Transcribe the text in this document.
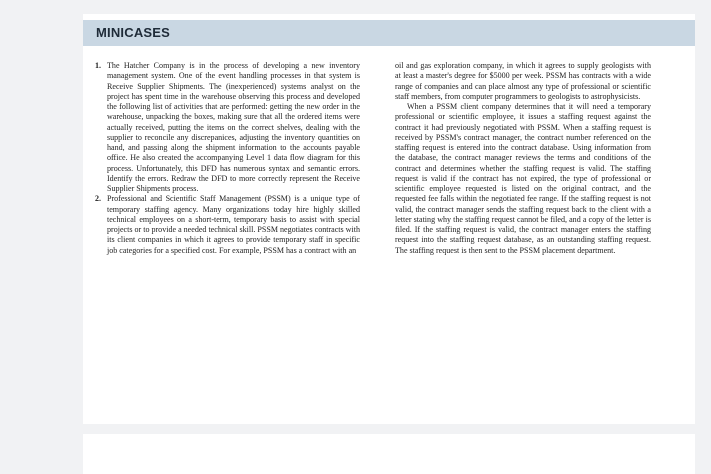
MINICASES
1. The Hatcher Company is in the process of developing a new inventory management system. One of the event handling processes in that system is Receive Supplier Shipments. The (inexperienced) systems analyst on the project has spent time in the warehouse observing this process and developed the following list of activities that are performed: getting the new order in the warehouse, unpacking the boxes, making sure that all the ordered items were actually received, putting the items on the correct shelves, dealing with the supplier to reconcile any discrepanices, adjusting the inventory quantities on hand, and passing along the shipment information to the accounts payable office. He also created the accompanying Level 1 data flow diagram for this process. Unfortunately, this DFD has numerous syntax and semantic errors. Identify the errors. Redraw the DFD to more correctly represent the Receive Supplier Shipments process.
2. Professional and Scientific Staff Management (PSSM) is a unique type of temporary staffing agency. Many organizations today hire highly skilled technical employees on a short-term, temporary basis to assist with special projects or to provide a needed technical skill. PSSM negotiates contracts with its client companies in which it agrees to provide temporary staff in specific job categories for a specified cost. For example, PSSM has a contract with an

oil and gas exploration company, in which it agrees to supply geologists with at least a master's degree for $5000 per week. PSSM has contracts with a wide range of companies and can place almost any type of professional or scientific staff members, from computer programmers to geologists to astrophysicists.

When a PSSM client company determines that it will need a temporary professional or scientific employee, it issues a staffing request against the contract it had previously negotiated with PSSM. When a staffing request is received by PSSM's contract manager, the contract number referenced on the staffing request is entered into the contract database. Using information from the database, the contract manager reviews the terms and conditions of the contract and determines whether the staffing request is valid. The staffing request is valid if the contract has not expired, the type of professional or scientific employee requested is listed on the original contract, and the requested fee falls within the negotiated fee range. If the staffing request is not valid, the contract manager sends the staffing request back to the client with a letter stating why the staffing request cannot be filed, and a copy of the letter is filed. If the staffing request is valid, the contract manager enters the staffing request into the staffing request database, as an outstanding staffing request. The staffing request is then sent to the PSSM placement department.
